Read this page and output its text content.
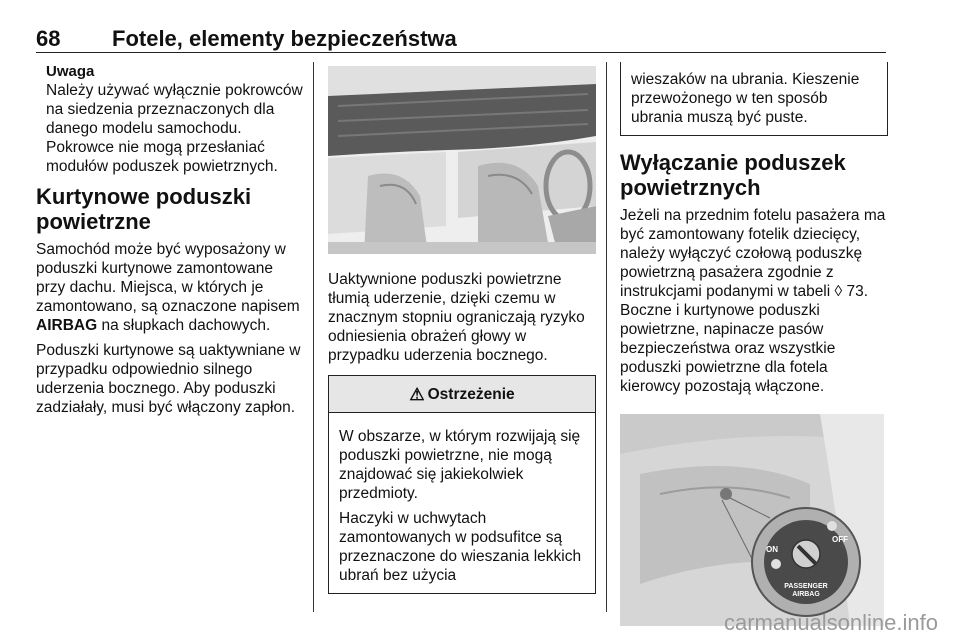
68 Fotele, elementy bezpieczeństwa

Uwaga

Należy używać wyłącznie pokrowców na siedzenia przeznaczonych dla danego modelu samochodu. Pokrowce nie mogą przesłaniać modułów poduszek powietrznych.

Kurtynowe poduszki powietrzne

Samochód może być wyposażony w poduszki kurtynowe zamontowane przy dachu. Miejsca, w których je zamontowano, są oznaczone napisem AIRBAG na słupkach dachowych.

Poduszki kurtynowe są uaktywniane w przypadku odpowiednio silnego uderzenia bocznego. Aby poduszki zadziałały, musi być włączony zapłon.

Uaktywnione poduszki powietrzne tłumią uderzenie, dzięki czemu w znacznym stopniu ograniczają ryzyko odniesienia obrażeń głowy w przypadku uderzenia bocznego.

⚠ Ostrzeżenie

W obszarze, w którym rozwijają się poduszki powietrzne, nie mogą znajdować się jakiekolwiek przedmioty.

Haczyki w uchwytach zamontowanych w podsufitce są przeznaczone do wieszania lekkich ubrań bez użycia

wieszaków na ubrania. Kieszenie przewożonego w ten sposób ubrania muszą być puste.

Wyłączanie poduszek powietrznych

Jeżeli na przednim fotelu pasażera ma być zamontowany fotelik dziecięcy, należy wyłączyć czołową poduszkę powietrzną pasażera zgodnie z instrukcjami podanymi w tabeli ◊ 73. Boczne i kurtynowe poduszki powietrzne, napinacze pasów bezpieczeństwa oraz wszystkie poduszki powietrzne dla fotela kierowcy pozostają włączone.

ON
OFF
PASSENGER
AIRBAG
carmanualsonline.info
